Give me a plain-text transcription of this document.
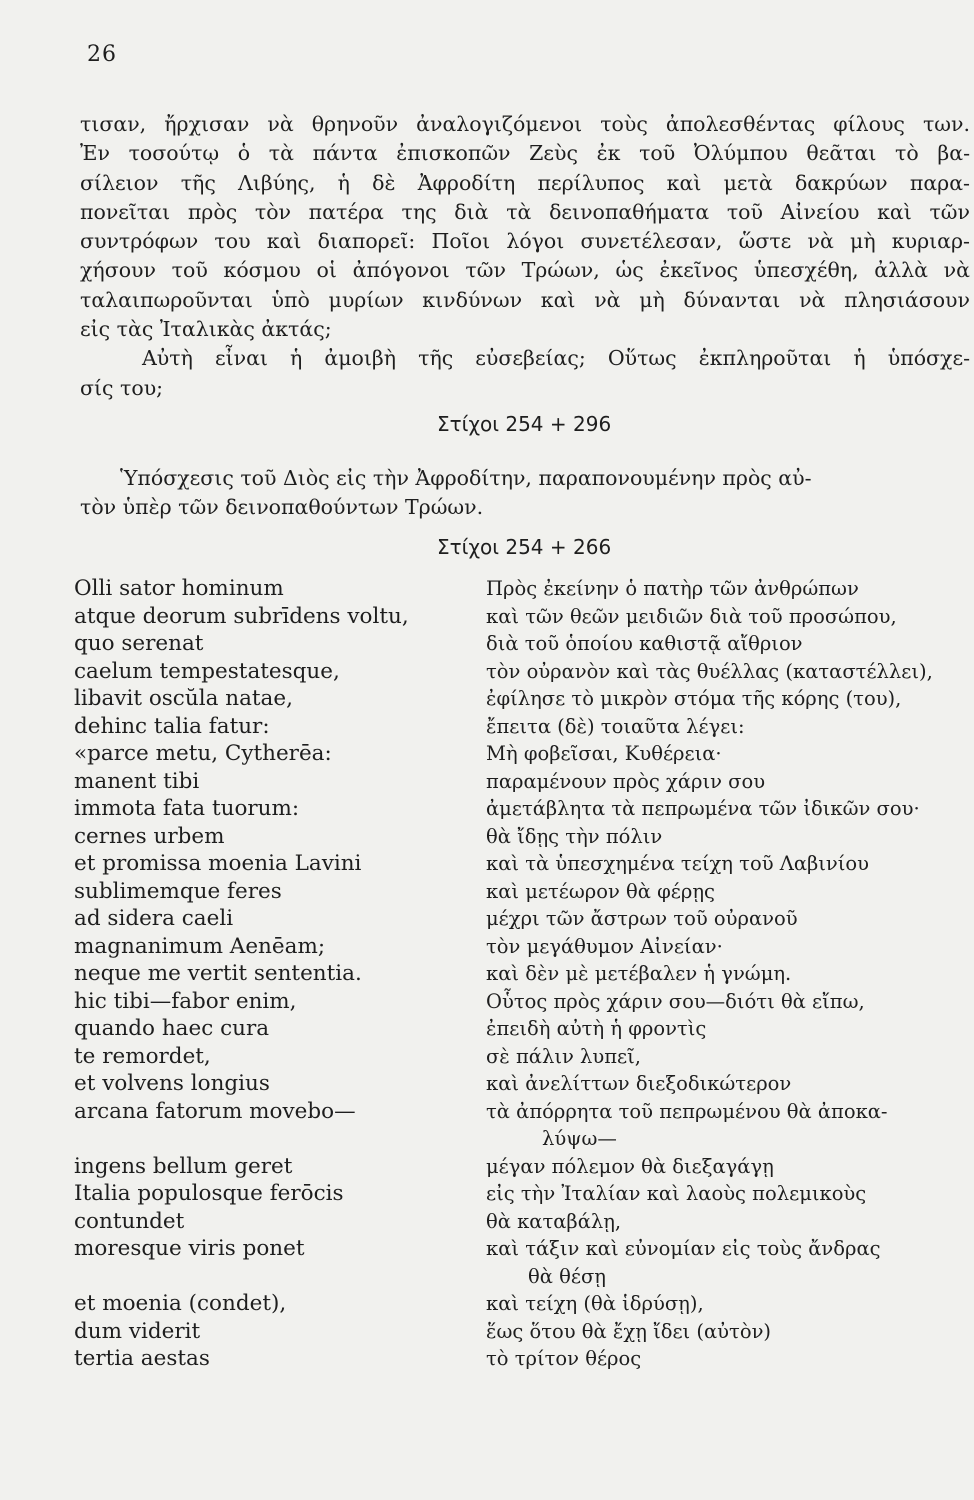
26
τισαν, ἤρχισαν νὰ θρηνοῦν ἀναλογιζόμενοι τοὺς ἀπολεσθέντας φίλους των.
Ἐν τοσούτῳ ὁ τὰ πάντα ἐπισκοπῶν Ζεὺς ἐκ τοῦ Ὀλύμπου θεᾶται τὸ βα-
σίλειον τῆς Λιβύης, ἡ δὲ Ἀφροδίτη περίλυπος καὶ μετὰ δακρύων παρα-
πονεῖται πρὸς τὸν πατέρα της διὰ τὰ δεινοπαθήματα τοῦ Αἰνείου καὶ τῶν
συντρόφων του καὶ διαπορεῖ: Ποῖοι λόγοι συνετέλεσαν, ὥστε νὰ μὴ κυριαρ-
χήσουν τοῦ κόσμου οἱ ἀπόγονοι τῶν Τρώων, ὡς ἐκεῖνος ὑπεσχέθη, ἀλλὰ νὰ
ταλαιπωροῦνται ὑπὸ μυρίων κινδύνων καὶ νὰ μὴ δύνανται νὰ πλησιάσουν
εἰς τὰς Ἰταλικὰς ἀκτάς;
Αὐτὴ εἶναι ἡ ἀμοιβὴ τῆς εὐσεβείας; Οὕτως ἐκπληροῦται ἡ ὑπόσχε-
σίς του;
Στίχοι 254 + 296
Ὑπόσχεσις τοῦ Διὸς εἰς τὴν Ἀφροδίτην, παραπονουμένην πρὸς αὐ-
τὸν ὑπὲρ τῶν δεινοπαθούντων Τρώων.
Στίχοι 254 + 266
Olli sator hominum
atque deorum subrīdens voltu,
quo serenat
caelum tempestatesque,
libavit oscŭla natae,
dehinc talia fatur:
«parce metu, Cytherēa:
manent tibi
immota fata tuorum:
cernes urbem
et promissa moenia Lavini
sublimemque feres
ad sidera caeli
magnanimum Aenēam;
neque me vertit sententia.
hic tibi—fabor enim,
quando haec cura
te remordet,
et volvens longius
arcana fatorum movebo—
ingens bellum geret
Italia populosque ferōcis
contundet
moresque viris ponet
et moenia (condet),
dum viderit
tertia aestas
Πρὸς ἐκείνην ὁ πατὴρ τῶν ἀνθρώπων
καὶ τῶν θεῶν μειδιῶν διὰ τοῦ προσώπου,
διὰ τοῦ ὁποίου καθιστᾷ αἴθριον
τὸν οὐρανὸν καὶ τὰς θυέλλας (καταστέλλει),
ἐφίλησε τὸ μικρὸν στόμα τῆς κόρης (του),
ἔπειτα (δὲ) τοιαῦτα λέγει:
Μὴ φοβεῖσαι, Κυθέρεια·
παραμένουν πρὸς χάριν σου
ἀμετάβλητα τὰ πεπρωμένα τῶν ἰδικῶν σου·
θὰ ἴδῃς τὴν πόλιν
καὶ τὰ ὑπεσχημένα τείχη τοῦ Λαβινίου
καὶ μετέωρον θὰ φέρῃς
μέχρι τῶν ἄστρων τοῦ οὐρανοῦ
τὸν μεγάθυμον Αἰνείαν·
καὶ δὲν μὲ μετέβαλεν ἡ γνώμη.
Οὗτος πρὸς χάριν σου—διότι θὰ εἴπω,
ἐπειδὴ αὐτὴ ἡ φροντὶς
σὲ πάλιν λυπεῖ,
καὶ ἀνελίττων διεξοδικώτερον
τὰ ἀπόρρητα τοῦ πεπρωμένου θὰ ἀποκα-
λύψω—
μέγαν πόλεμον θὰ διεξαγάγῃ
εἰς τὴν Ἰταλίαν καὶ λαοὺς πολεμικοὺς
θὰ καταβάλῃ,
καὶ τάξιν καὶ εὐνομίαν εἰς τοὺς ἄνδρας
θὰ θέσῃ
καὶ τείχη (θὰ ἱδρύσῃ),
ἕως ὅτου θὰ ἔχῃ ἴδει (αὐτὸν)
τὸ τρίτον θέρος
